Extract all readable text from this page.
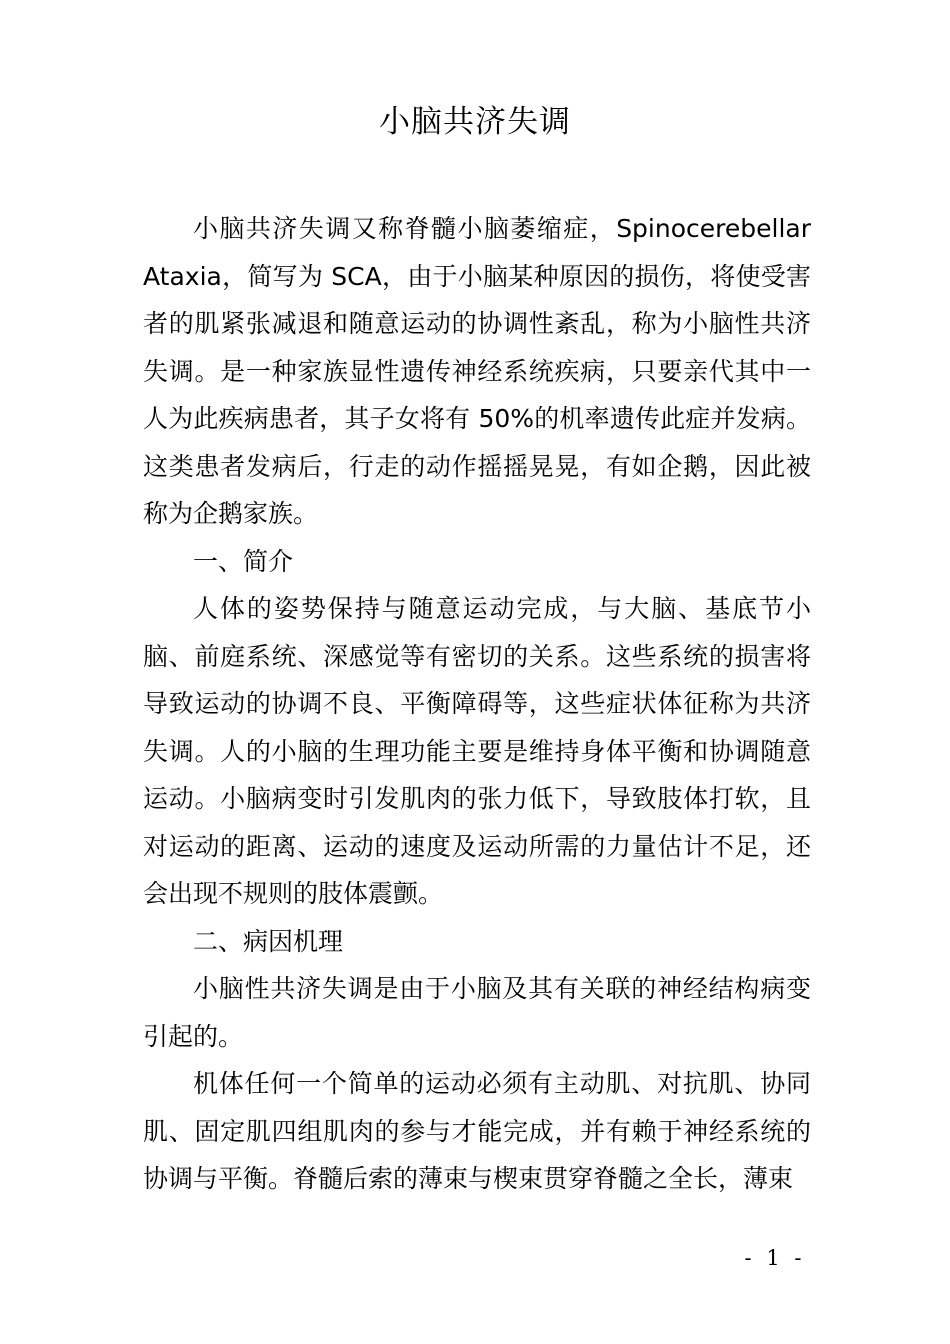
小脑共济失调

小脑共济失调又称脊髓小脑萎缩症，Spinocerebellar Ataxia，简写为 SCA，由于小脑某种原因的损伤，将使受害者的肌紧张减退和随意运动的协调性紊乱，称为小脑性共济失调。是一种家族显性遗传神经系统疾病，只要亲代其中一人为此疾病患者，其子女将有 50%的机率遗传此症并发病。这类患者发病后，行走的动作摇摇晃晃，有如企鹅，因此被称为企鹅家族。

一、简介

人体的姿势保持与随意运动完成，与大脑、基底节小脑、前庭系统、深感觉等有密切的关系。这些系统的损害将导致运动的协调不良、平衡障碍等，这些症状体征称为共济失调。人的小脑的生理功能主要是维持身体平衡和协调随意运动。小脑病变时引发肌肉的张力低下，导致肢体打软，且对运动的距离、运动的速度及运动所需的力量估计不足，还会出现不规则的肢体震颤。

二、病因机理

小脑性共济失调是由于小脑及其有关联的神经结构病变引起的。

机体任何一个简单的运动必须有主动肌、对抗肌、协同肌、固定肌四组肌肉的参与才能完成，并有赖于神经系统的协调与平衡。脊髓后索的薄束与楔束贯穿脊髓之全长，薄束

- 1 -
